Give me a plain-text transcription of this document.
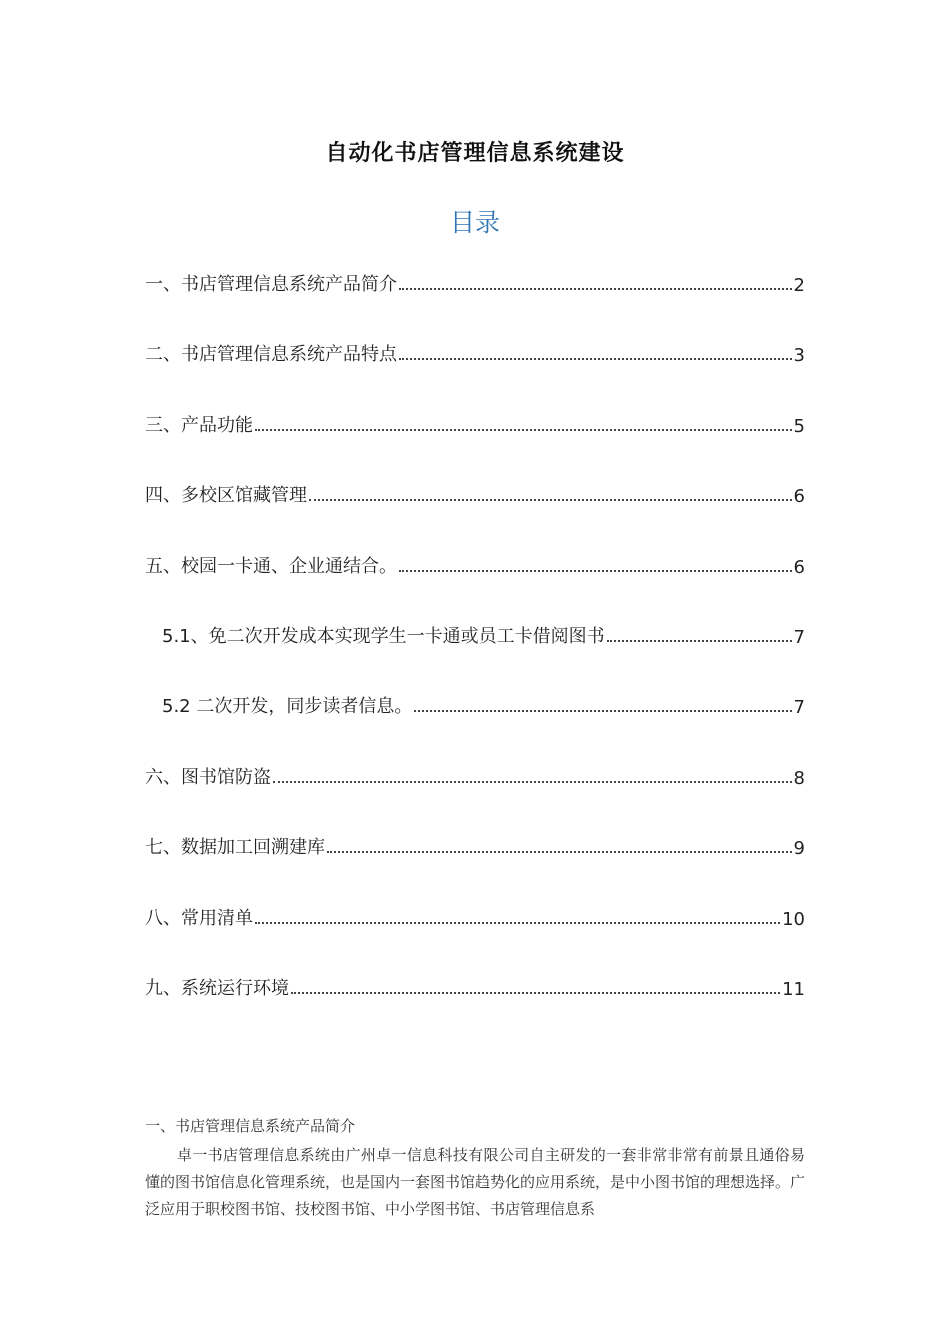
自动化书店管理信息系统建设
目录
一、书店管理信息系统产品简介	2
二、书店管理信息系统产品特点	3
三、产品功能	5
四、多校区馆藏管理	6
五、校园一卡通、企业通结合。	6
5.1、免二次开发成本实现学生一卡通或员工卡借阅图书	7
5.2 二次开发，同步读者信息。	7
六、图书馆防盗	8
七、数据加工回溯建库	9
八、常用清单	10
九、系统运行环境	11
一、书店管理信息系统产品简介
卓一书店管理信息系统由广州卓一信息科技有限公司自主研发的一套非常非常有前景且通俗易懂的图书馆信息化管理系统，也是国内一套图书馆趋势化的应用系统，是中小图书馆的理想选择。广泛应用于职校图书馆、技校图书馆、中小学图书馆、书店管理信息系
